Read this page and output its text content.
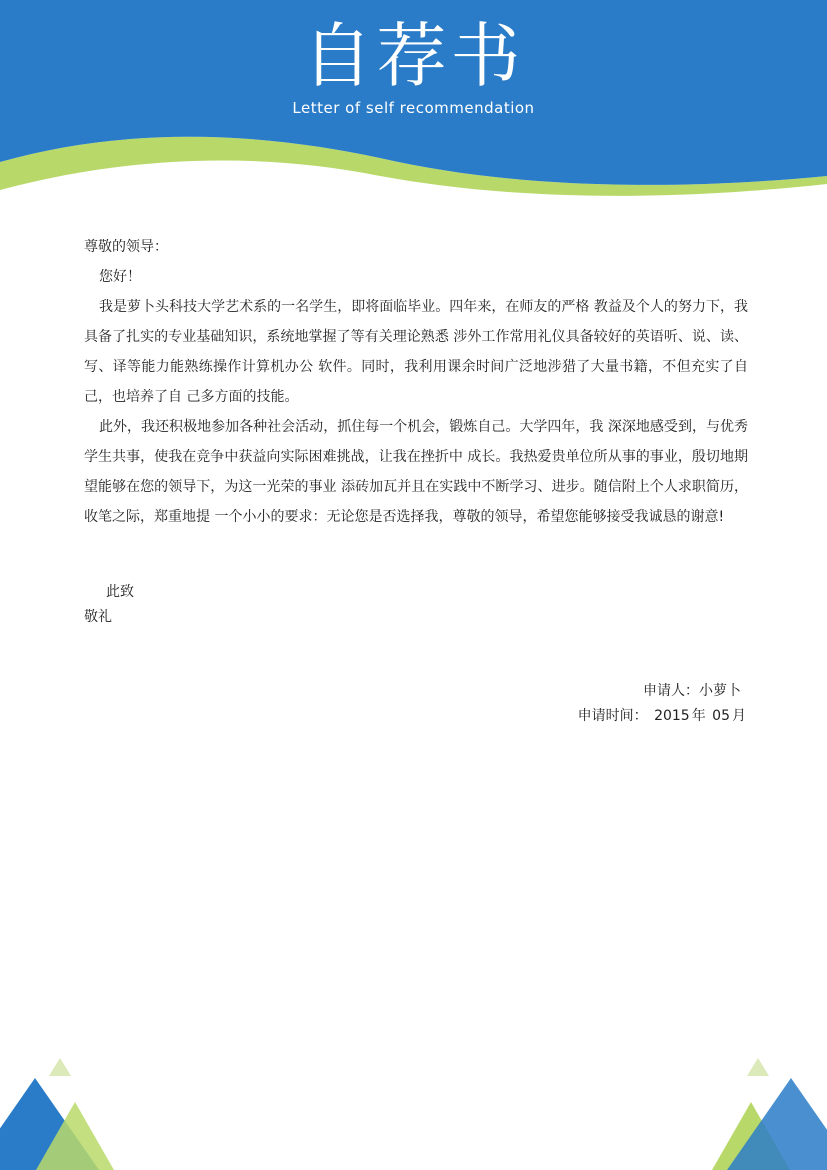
自荐书
Letter of self recommendation

尊敬的领导：

您好！

我是萝卜头科技大学艺术系的一名学生，即将面临毕业。四年来，在师友的严格 教益及个人的努力下，我具备了扎实的专业基础知识，系统地掌握了等有关理论熟悉 涉外工作常用礼仪具备较好的英语听、说、读、写、译等能力能熟练操作计算机办公 软件。同时，我利用课余时间广泛地涉猎了大量书籍，不但充实了自己，也培养了自 己多方面的技能。

此外，我还积极地参加各种社会活动，抓住每一个机会，锻炼自己。大学四年，我 深深地感受到，与优秀学生共事，使我在竞争中获益向实际困难挑战，让我在挫折中 成长。我热爱贵单位所从事的事业，殷切地期望能够在您的领导下，为这一光荣的事业 添砖加瓦并且在实践中不断学习、进步。随信附上个人求职简历，收笔之际，郑重地提 一个小小的要求：无论您是否选择我，尊敬的领导，希望您能够接受我诚恳的谢意!

此致
敬礼
申请人：小萝卜
申请时间： 2015 年 05 月
